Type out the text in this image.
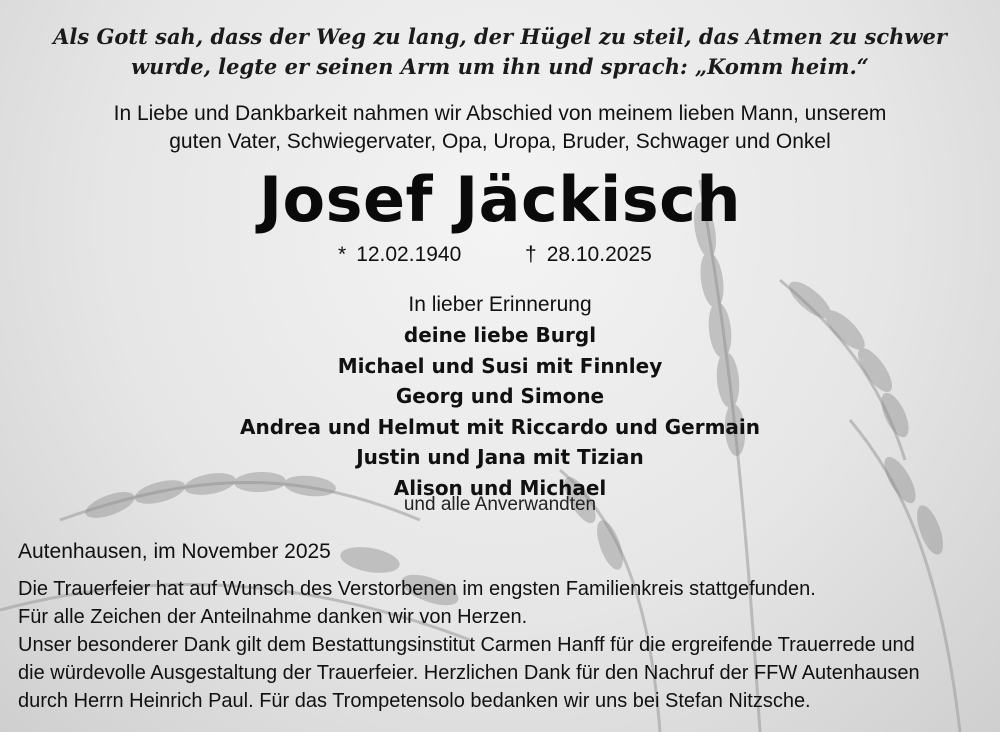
Als Gott sah, dass der Weg zu lang, der Hügel zu steil, das Atmen zu schwer
wurde, legte er seinen Arm um ihn und sprach: „Komm heim.“
In Liebe und Dankbarkeit nahmen wir Abschied von meinem lieben Mann, unserem
guten Vater, Schwiegervater, Opa, Uropa, Bruder, Schwager und Onkel
Josef Jäckisch
* 12.02.1940	† 28.10.2025
In lieber Erinnerung
deine liebe Burgl
Michael und Susi mit Finnley
Georg und Simone
Andrea und Helmut mit Riccardo und Germain
Justin und Jana mit Tizian
Alison und Michael
und alle Anverwandten
Autenhausen, im November 2025
Die Trauerfeier hat auf Wunsch des Verstorbenen im engsten Familienkreis stattgefunden.
Für alle Zeichen der Anteilnahme danken wir von Herzen.
Unser besonderer Dank gilt dem Bestattungsinstitut Carmen Hanff für die ergreifende Trauerrede und
die würdevolle Ausgestaltung der Trauerfeier. Herzlichen Dank für den Nachruf der FFW Autenhausen
durch Herrn Heinrich Paul. Für das Trompetensolo bedanken wir uns bei Stefan Nitzsche.
